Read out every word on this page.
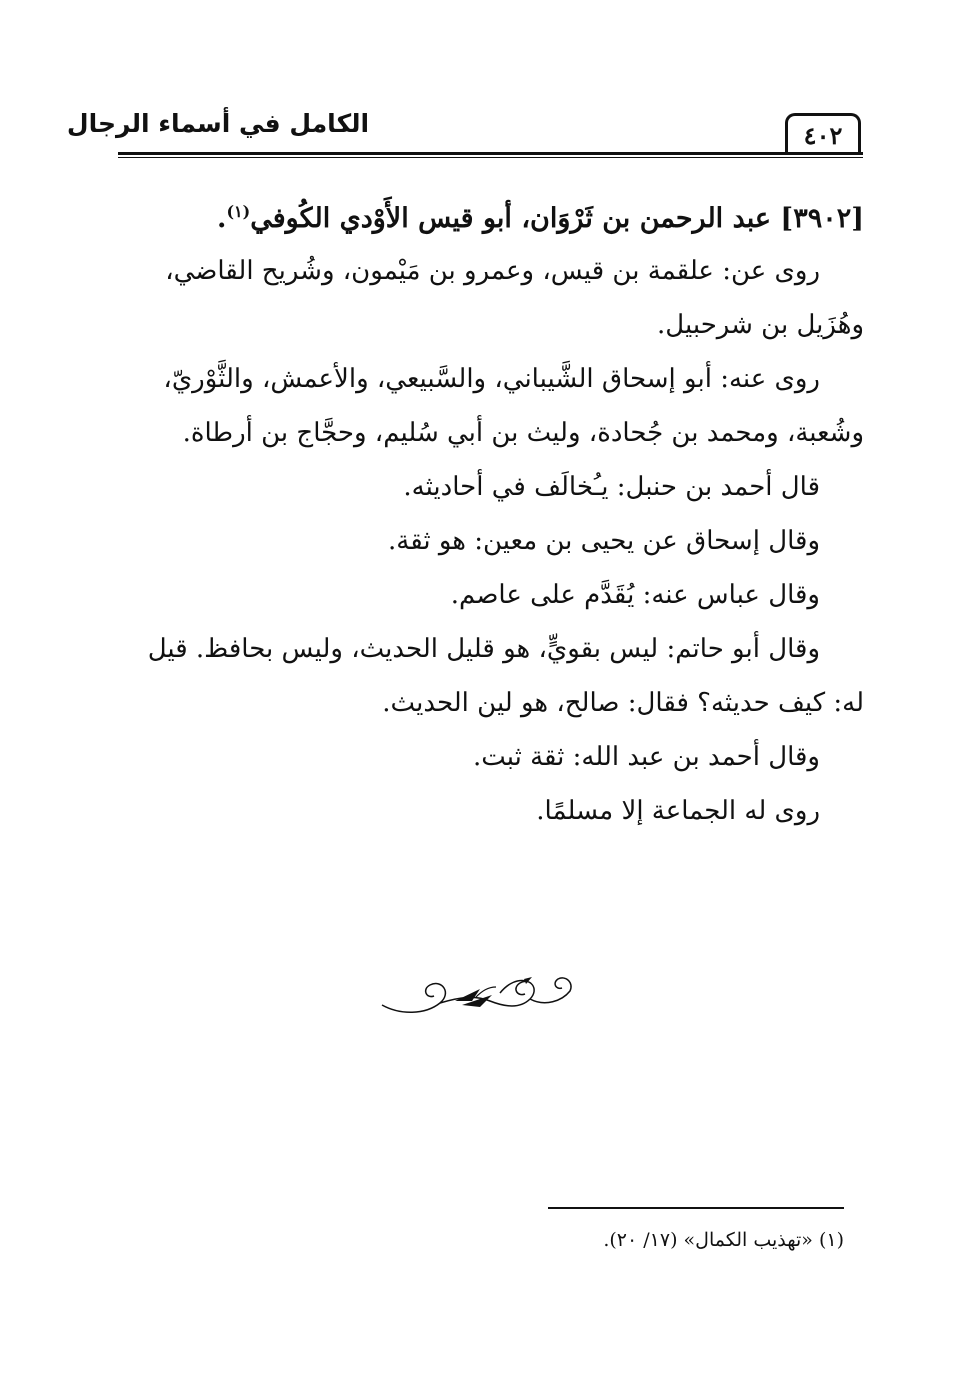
٤٠٢
الكامل في أسماء الرجال
[٣٩٠٢] عبد الرحمن بن ثَرْوَان، أبو قيس الأَوْدي الكُوفي$^{(١)}$.
روى عن: علقمة بن قيس، وعمرو بن مَيْمون، وشُريح القاضي،
وهُزَيل بن شرحبيل.
روى عنه: أبو إسحاق الشَّيباني، والسَّبيعي، والأعمش، والثَّوْريّ،
وشُعبة، ومحمد بن جُحادة، وليث بن أبي سُليم، وحجَّاج بن أرطاة.
قال أحمد بن حنبل: يـُخالَف في أحاديثه.
وقال إسحاق عن يحيى بن معين: هو ثقة.
وقال عباس عنه: يُقَدَّم على عاصم.
وقال أبو حاتم: ليس بقويٍّ، هو قليل الحديث، وليس بحافظ. قيل
له: كيف حديثه؟ فقال: صالح، هو لين الحديث.
وقال أحمد بن عبد الله: ثقة ثبت.
روى له الجماعة إلا مسلمًا.
(١) «تهذيب الكمال» (١٧/ ٢٠).
